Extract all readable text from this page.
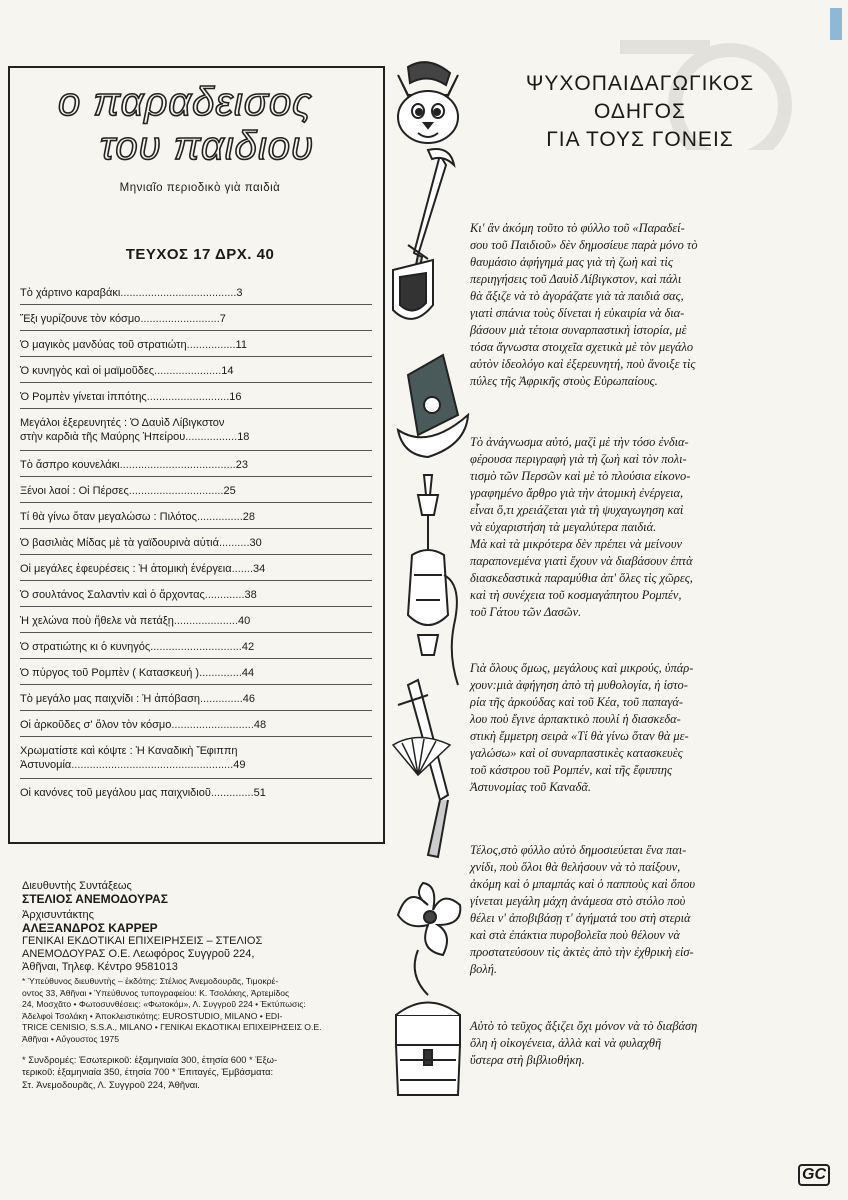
ο παραδεισος
του παιδιου
Μηνιαῖο περιοδικὸ γιὰ παιδιὰ
ΤΕΥΧΟΣ 17 ΔΡΧ. 40
Τὸ χάρτινο καραβάκι......................................3
Ἔξι γυρίζουνε τὸν κόσμο..........................7
Ὁ μαγικὸς μανδύας τοῦ στρατιώτη................11
Ὁ κυνηγὸς καὶ οἱ μαϊμοῦδες......................14
Ὁ Ρομπὲν γίνεται ἱππότης...........................16
Μεγάλοι ἐξερευνητές : Ὁ Δαυὶδ Λίβιγκστον
στὴν καρδιὰ τῆς Μαύρης Ἠπείρου.................18
Τὸ ἄσπρο κουνελάκι......................................23
Ξένοι λαοί : Οἱ Πέρσες...............................25
Τί θὰ γίνω ὅταν μεγαλώσω : Πιλότος...............28
Ὁ βασιλιὰς Μίδας μὲ τὰ γαϊδουρινὰ αὐτιά..........30
Οἱ μεγάλες ἐφευρέσεις : Ἡ ἀτομικὴ ἐνέργεια.......34
Ὁ σουλτάνος Σαλαντὶν καὶ ὁ ἄρχοντας.............38
Ἡ χελώνα ποὺ ἤθελε νὰ πετάξῃ.....................40
Ὁ στρατιώτης κι ὁ κυνηγός..............................42
Ὁ πύργος τοῦ Ρομπὲν ( Κατασκευή )..............44
Τὸ μεγάλο μας παιχνίδι : Ἡ ἀπόβαση..............46
Οἱ ἀρκοῦδες σ' ὅλον τὸν κόσμο...........................48
Χρωματίστε καὶ κόψτε : Ἡ Καναδικὴ Ἔφιππη
Ἀστυνομία.....................................................49
Οἱ κανόνες τοῦ μεγάλου μας παιχνιδιοῦ..............51
Διευθυντὴς Συντάξεως
ΣΤΕΛΙΟΣ ΑΝΕΜΟΔΟΥΡΑΣ
Ἀρχισυντάκτης
ΑΛΕΞΑΝΔΡΟΣ ΚΑΡΡΕΡ
ΓΕΝΙΚΑΙ ΕΚΔΟΤΙΚΑΙ ΕΠΙΧΕΙΡΗΣΕΙΣ – ΣΤΕΛΙΟΣ
ΑΝΕΜΟΔΟΥΡΑΣ Ο.Ε. Λεωφόρος Συγγροῦ 224,
Ἀθῆναι, Τηλεφ. Κέντρο 9581013
* Ὑπεύθυνος διευθυντὴς – ἐκδότης: Στέλιος Ἀνεμοδουρᾶς, Τιμοκρέ-
οντος 33, Ἀθῆναι • Ὑπεύθυνος τυπογραφείου: Κ. Τσολάκης, Ἀρτεμίδος
24, Μοσχᾶτο • Φωτοσυνθέσεις: «Φωτοκόμ», Λ. Συγγροῦ 224 • Ἐκτύπωσις:
Ἀδελφοὶ Τσολάκη • Ἀποκλειστικότης: EUROSTUDIO, MILANO • EDI-
TRICE CENISIO, S.S.A., MILANO • ΓΕΝΙΚΑΙ ΕΚΔΟΤΙΚΑΙ ΕΠΙΧΕΙΡΗΣΕΙΣ Ο.Ε.
Ἀθῆναι • Αὔγουστος 1975
* Συνδρομές: Ἐσωτερικοῦ: ἐξαμηνιαία 300, ἐτησία 600 * Ἐξω-
τερικοῦ: ἐξαμηνιαία 350, ἐτησία 700 * Ἐπιταγές, Ἐμβάσματα:
Στ. Ἀνεμοδουρᾶς, Λ. Συγγροῦ 224, Ἀθῆναι.
ΨΥΧΟΠΑΙΔΑΓΩΓΙΚΟΣ
ΟΔΗΓΟΣ
ΓΙΑ ΤΟΥΣ ΓΟΝΕΙΣ
Κι' ἂν ἀκόμη τοῦτο τὸ φύλλο τοῦ «Παραδεί-
σου τοῦ Παιδιοῦ» δὲν δημοσίευε παρὰ μόνο τὸ
θαυμάσιο ἀφήγημά μας γιὰ τὴ ζωὴ καὶ τὶς
περιηγήσεις τοῦ Δαυὶδ Λίβιγκστον, καὶ πάλι
θὰ ἄξιζε νὰ τὸ ἀγοράζατε γιὰ τὰ παιδιά σας,
γιατὶ σπάνια τοὺς δίνεται ἡ εὐκαιρία νὰ δια-
βάσουν μιὰ τέτοια συναρπαστικὴ ἱστορία, μὲ
τόσα ἄγνωστα στοιχεῖα σχετικὰ μὲ τὸν μεγάλο
αὐτὸν ἰδεολόγο καὶ ἐξερευνητή, ποὺ ἄνοιξε τὶς
πύλες τῆς Ἀφρικῆς στοὺς Εὐρωπαίους.
Τὸ ἀνάγνωσμα αὐτό, μαζὶ μὲ τὴν τόσο ἐνδια-
φέρουσα περιγραφὴ γιὰ τὴ ζωὴ καὶ τὸν πολι-
τισμὸ τῶν Περσῶν καὶ μὲ τὸ πλούσια εἰκονο-
γραφημένο ἄρθρο γιὰ τὴν ἀτομικὴ ἐνέργεια,
εἶναι ὅ,τι χρειάζεται γιὰ τὴ ψυχαγωγηση καὶ
νὰ εὐχαριστήση τὰ μεγαλύτερα παιδιά.
Μὰ καὶ τὰ μικρότερα δὲν πρέπει νὰ μείνουν
παραπονεμένα γιατὶ ἔχουν νὰ διαβάσουν ἑπτὰ
διασκεδαστικὰ παραμύθια ἀπ' ὅλες τὶς χῶρες,
καὶ τὴ συνέχεια τοῦ κοσμαγάπητου Ρομπέν,
τοῦ Γάτου τῶν Δασῶν.
Γιὰ ὅλους ὅμως, μεγάλους καὶ μικρούς, ὑπάρ-
χουν:μιὰ ἀφήγηση ἀπὸ τὴ μυθολογία, ἡ ἱστο-
ρία τῆς ἀρκούδας καὶ τοῦ Κέα, τοῦ παπαγά-
λου ποὺ ἔγινε ἁρπακτικὸ πουλί ἡ διασκεδα-
στικὴ ἔμμετρη σειρὰ «Τί θὰ γίνω ὅταν θὰ με-
γαλώσω» καὶ οἱ συναρπαστικὲς κατασκευὲς
τοῦ κάστρου τοῦ Ρομπέν, καὶ τῆς ἔφιππης
Ἀστυνομίας τοῦ Καναδᾶ.
Τέλος,στὸ φύλλο αὐτὸ δημοσιεύεται ἕνα παι-
χνίδι, ποὺ ὅλοι θὰ θελήσουν νὰ τὸ παίξουν,
ἀκόμη καὶ ὁ μπαμπάς καὶ ὁ παπποὺς καὶ ὅπου
γίνεται μεγάλη μάχη ἀνάμεσα στὸ στόλο ποὺ
θέλει ν' ἀποβιβάσῃ τ' ἀγήματά του στὴ στεριὰ
καὶ στὰ ἐπάκτια πυροβολεῖα ποὺ θέλουν νὰ
προστατεύσουν τὶς ἀκτὲς ἀπὸ τὴν ἐχθρικὴ εἰσ-
βολή.
Αὐτὸ τὸ τεῦχος ἄξιζει ὄχι μόνον νὰ τὸ διαβάση
ὅλη ἡ οἰκογένεια, ἀλλὰ καὶ νὰ φυλαχθῆ
ὕστερα στὴ βιβλιοθήκη.
GC
